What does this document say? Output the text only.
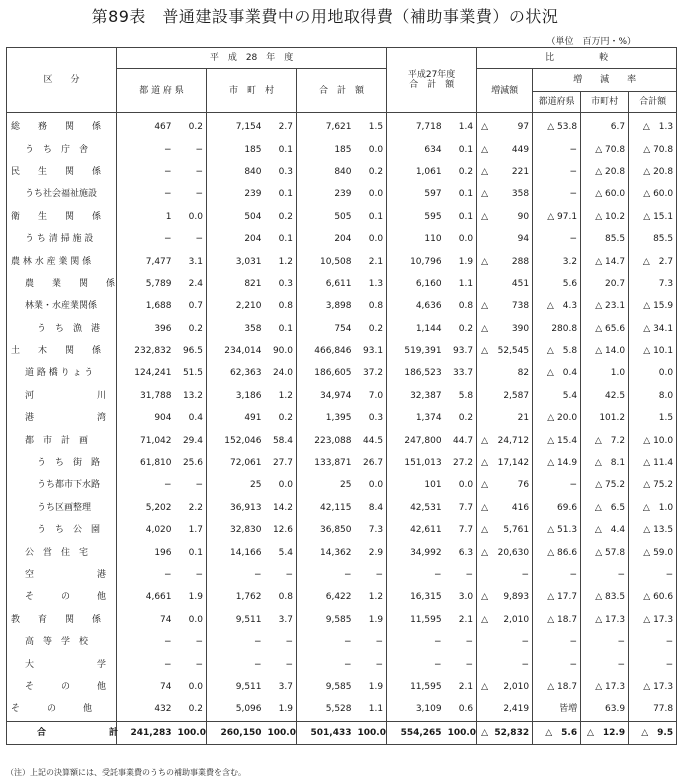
第89表　普通建設事業費中の用地取得費（補助事業費）の状況
（単位　百万円・%）
区　　分	平　成　28　年　度						平成27年度
合　計　額		比　　　　　較			
	都 道 府 県		市　町　村		合　計　額				増減額	増　　減　　率		
										都道府県	市町村	合計額
総　　務　　関　　係	467	0.2	7,154	2.7	7,621	1.5	7,718	1.4	△ 97	△ 53.8	6.7	△　1.3
う　ち　庁　舎	−	−	185	0.1	185	0.0	634	0.1	△ 449	−	△ 70.8	△ 70.8
民　　生　　関　　係	−	−	840	0.3	840	0.2	1,061	0.2	△ 221	−	△ 20.8	△ 20.8
うち社会福祉施設	−	−	239	0.1	239	0.0	597	0.1	△ 358	−	△ 60.0	△ 60.0
衛　　生　　関　　係	1	0.0	504	0.2	505	0.1	595	0.1	△ 90	△ 97.1	△ 10.2	△ 15.1
う ち 清 掃 施 設	−	−	204	0.1	204	0.0	110	0.0	94	−	85.5	85.5
農 林 水 産 業 関 係	7,477	3.1	3,031	1.2	10,508	2.1	10,796	1.9	△ 288	3.2	△ 14.7	△　2.7
農　　業　　関　　係	5,789	2.4	821	0.3	6,611	1.3	6,160	1.1	451	5.6	20.7	7.3
林業・水産業関係	1,688	0.7	2,210	0.8	3,898	0.8	4,636	0.8	△ 738	△　4.3	△ 23.1	△ 15.9
う　ち　漁　港	396	0.2	358	0.1	754	0.2	1,144	0.2	△ 390	280.8	△ 65.6	△ 34.1
土　　木　　関　　係	232,832	96.5	234,014	90.0	466,846	93.1	519,391	93.7	△ 52,545	△　5.8	△ 14.0	△ 10.1
道 路 橋 り ょ う	124,241	51.5	62,363	24.0	186,605	37.2	186,523	33.7	82	△　0.4	1.0	0.0
河　　　　　　　川	31,788	13.2	3,186	1.2	34,974	7.0	32,387	5.8	2,587	5.4	42.5	8.0
港　　　　　　　湾	904	0.4	491	0.2	1,395	0.3	1,374	0.2	21	△ 20.0	101.2	1.5
都　市　計　画	71,042	29.4	152,046	58.4	223,088	44.5	247,800	44.7	△ 24,712	△ 15.4	△　7.2	△ 10.0
う　ち　街　路	61,810	25.6	72,061	27.7	133,871	26.7	151,013	27.2	△ 17,142	△ 14.9	△　8.1	△ 11.4
うち都市下水路	−	−	25	0.0	25	0.0	101	0.0	△ 76	−	△ 75.2	△ 75.2
うち区画整理	5,202	2.2	36,913	14.2	42,115	8.4	42,531	7.7	△ 416	69.6	△　6.5	△　1.0
う　ち　公　園	4,020	1.7	32,830	12.6	36,850	7.3	42,611	7.7	△ 5,761	△ 51.3	△　4.4	△ 13.5
公　営　住　宅	196	0.1	14,166	5.4	14,362	2.9	34,992	6.3	△ 20,630	△ 86.6	△ 57.8	△ 59.0
空　　　　　　　港	−	−	−	−	−	−	−	−	−	−	−	−
そ　　　の　　　他	4,661	1.9	1,762	0.8	6,422	1.2	16,315	3.0	△ 9,893	△ 17.7	△ 83.5	△ 60.6
教　　育　　関　　係	74	0.0	9,511	3.7	9,585	1.9	11,595	2.1	△ 2,010	△ 18.7	△ 17.3	△ 17.3
高　等　学　校	−	−	−	−	−	−	−	−	−	−	−	−
大　　　　　　　学	−	−	−	−	−	−	−	−	−	−	−	−
そ　　　の　　　他	74	0.0	9,511	3.7	9,585	1.9	11,595	2.1	△ 2,010	△ 18.7	△ 17.3	△ 17.3
そ　　　の　　　他	432	0.2	5,096	1.9	5,528	1.1	3,109	0.6	2,419	皆増	63.9	77.8
合　　　　　　　計	241,283	100.0	260,150	100.0	501,433	100.0	554,265	100.0	△ 52,832	△　5.6	△　12.9	△　9.5
（注）上記の決算額には、受託事業費のうちの補助事業費を含む。
